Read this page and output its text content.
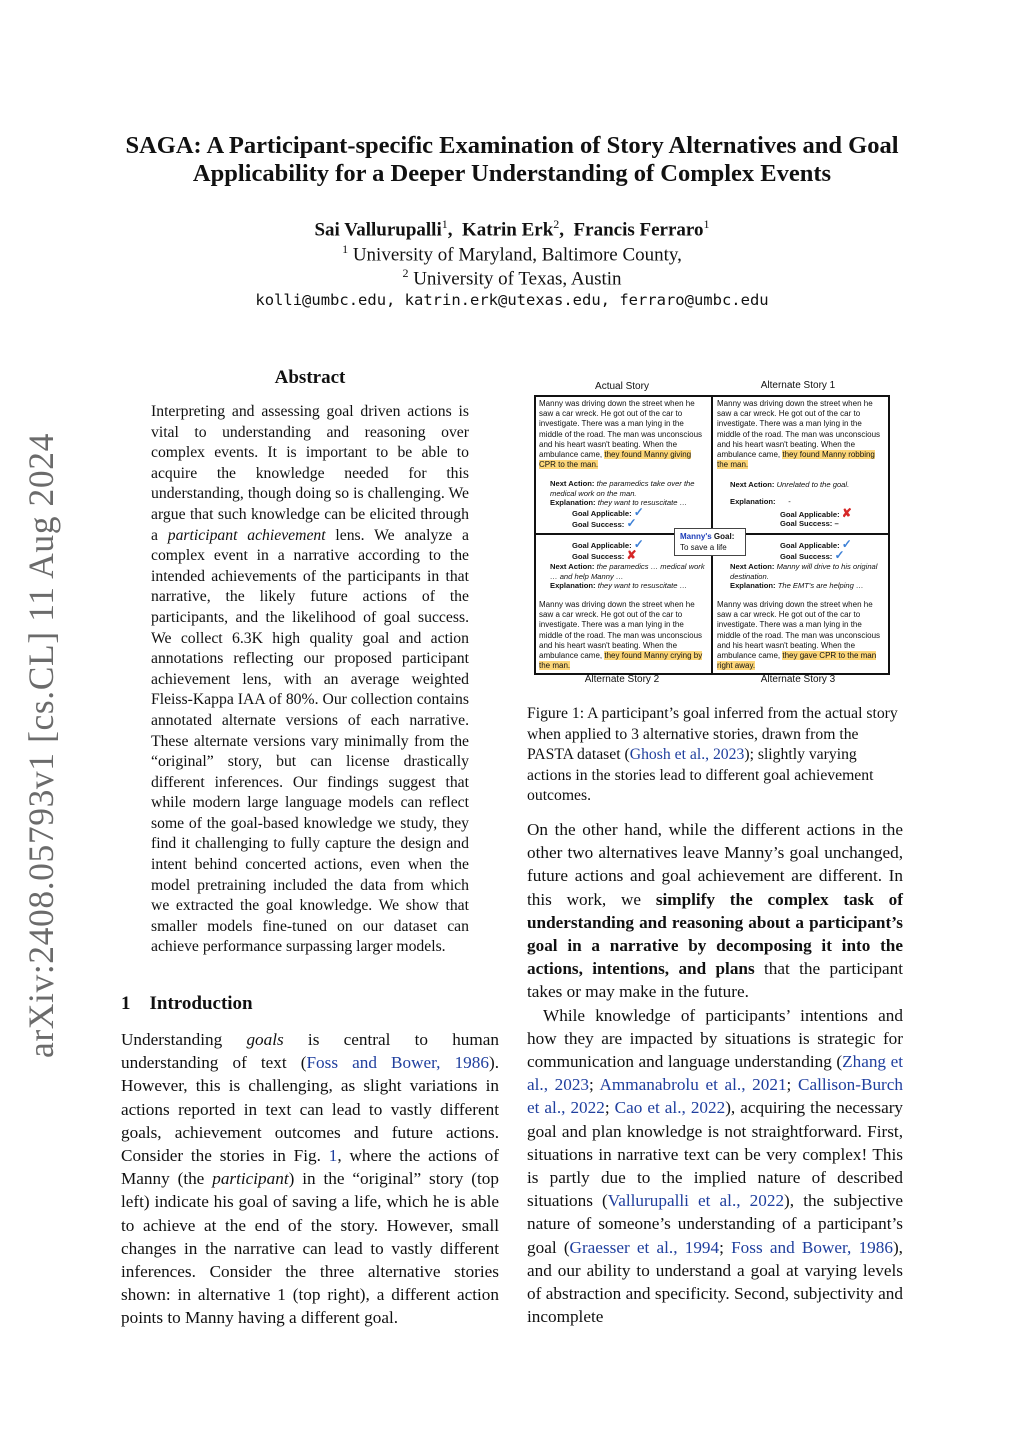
arXiv:2408.05793v1 [cs.CL] 11 Aug 2024
SAGA: A Participant-specific Examination of Story Alternatives and Goal
Applicability for a Deeper Understanding of Complex Events
Sai Vallurupalli$^1$,  Katrin Erk$^2$,  Francis Ferraro$^1$
$^1$ University of Maryland, Baltimore County,
$^2$ University of Texas, Austin
kolli@umbc.edu, katrin.erk@utexas.edu, ferraro@umbc.edu
Abstract
Interpreting and assessing goal driven actions is vital to understanding and reasoning over complex events. It is important to be able to acquire the knowledge needed for this understanding, though doing so is challenging. We argue that such knowledge can be elicited through a participant achievement lens. We analyze a complex event in a narrative according to the intended achievements of the participants in that narrative, the likely future actions of the participants, and the likelihood of goal success. We collect 6.3K high quality goal and action annotations reflecting our proposed participant achievement lens, with an average weighted Fleiss-Kappa IAA of 80%. Our collection contains annotated alternate versions of each narrative. These alternate versions vary minimally from the “original” story, but can license drastically different inferences. Our findings suggest that while modern large language models can reflect some of the goal-based knowledge we study, they find it challenging to fully capture the design and intent behind concerted actions, even when the model pretraining included the data from which we extracted the goal knowledge. We show that smaller models fine-tuned on our dataset can achieve performance surpassing larger models.
1 Introduction

Understanding goals is central to human understanding of text (Foss and Bower, 1986). However, this is challenging, as slight variations in actions reported in text can lead to vastly different goals, achievement outcomes and future actions. Consider the stories in Fig. 1, where the actions of Manny (the participant) in the “original” story (top left) indicate his goal of saving a life, which he is able to achieve at the end of the story. However, small changes in the narrative can lead to vastly different inferences. Consider the three alternative stories shown: in alternative 1 (top right), a different action points to Manny having a different goal.

Actual Story	Alternate Story 1
Manny was driving down the street when he saw a car wreck. He got out of the car to investigate. There was a man lying in the middle of the road. The man was unconscious and his heart wasn't beating. When the ambulance came, they found Manny giving CPR to the man.
Next Action: the paramedics take over the medical work on the man.
Explanation: they want to resuscitate …
Goal Applicable: ✓
Goal Success: ✓
Manny was driving down the street when he saw a car wreck. He got out of the car to investigate. There was a man lying in the middle of the road. The man was unconscious and his heart wasn't beating. When the ambulance came, they found Manny robbing the man.
Next Action: Unrelated to the goal.
Explanation: -
Goal Applicable: ✘
Goal Success: –
Goal Applicable: ✓
Goal Success: ✘
Next Action: the paramedics … medical work … and help Manny …
Explanation: they want to resuscitate …
Manny was driving down the street when he saw a car wreck. He got out of the car to investigate. There was a man lying in the middle of the road. The man was unconscious and his heart wasn't beating. When the ambulance came, they found Manny crying by the man.
Goal Applicable: ✓
Goal Success: ✓
Next Action: Manny will drive to his original destination.
Explanation: The EMT's are helping …
Manny was driving down the street when he saw a car wreck. He got out of the car to investigate. There was a man lying in the middle of the road. The man was unconscious and his heart wasn't beating. When the ambulance came, they gave CPR to the man right away.
Manny's Goal:
To save a life
Alternate Story 2	Alternate Story 3
Figure 1: A participant’s goal inferred from the actual story when applied to 3 alternative stories, drawn from the PASTA dataset (Ghosh et al., 2023); slightly varying actions in the stories lead to different goal achievement outcomes.

On the other hand, while the different actions in the other two alternatives leave Manny’s goal unchanged, future actions and goal achievement are different. In this work, we simplify the complex task of understanding and reasoning about a participant’s goal in a narrative by decomposing it into the actions, intentions, and plans that the participant takes or may make in the future.

While knowledge of participants’ intentions and how they are impacted by situations is strategic for communication and language understanding (Zhang et al., 2023; Ammanabrolu et al., 2021; Callison-Burch et al., 2022; Cao et al., 2022), acquiring the necessary goal and plan knowledge is not straightforward. First, situations in narrative text can be very complex! This is partly due to the implied nature of described situations (Vallurupalli et al., 2022), the subjective nature of someone’s understanding of a participant’s goal (Graesser et al., 1994; Foss and Bower, 1986), and our ability to understand a goal at varying levels of abstraction and specificity. Second, subjectivity and incomplete
